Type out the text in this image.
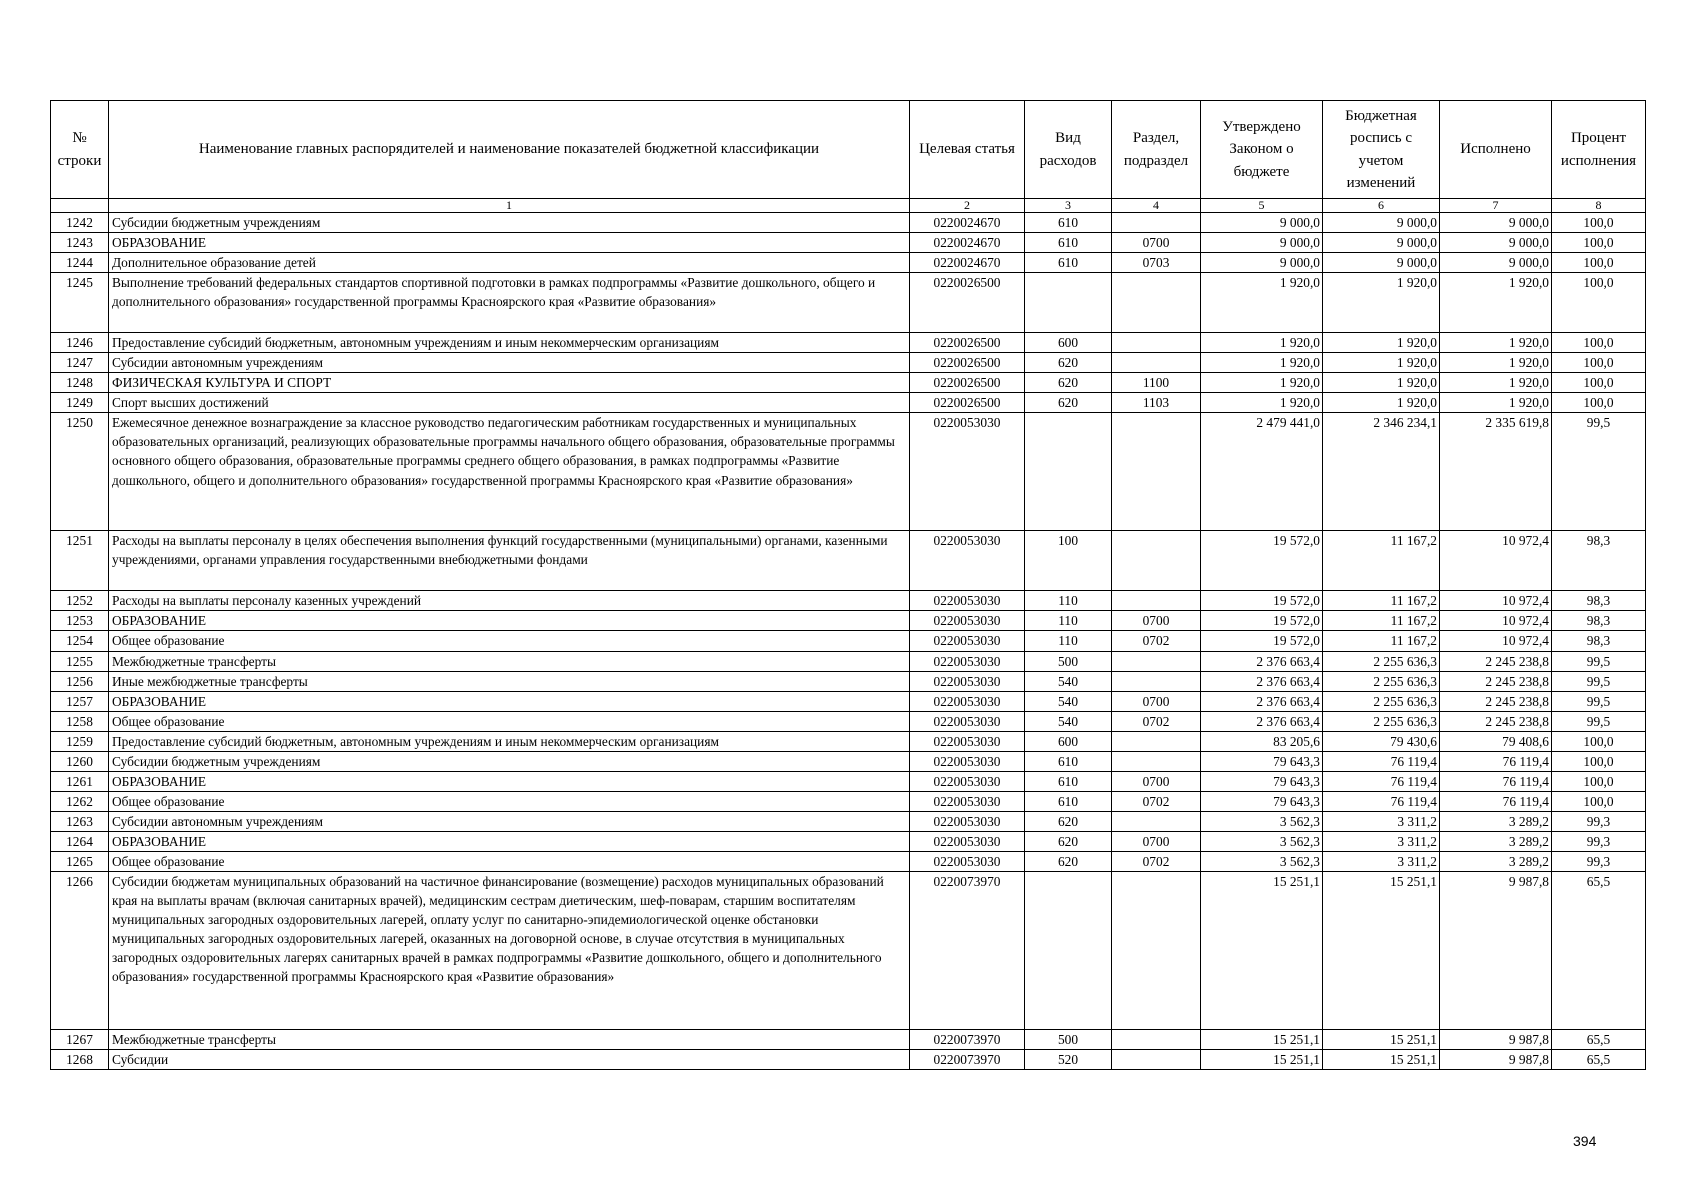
№ строки	Наименование главных распорядителей и наименование показателей бюджетной классификации	Целевая статья	Вид расходов	Раздел, подраздел	Утверждено Законом о бюджете	Бюджетная роспись с учетом изменений	Исполнено	Процент исполнения
	1	2	3	4	5	6	7	8
1242	Субсидии бюджетным учреждениям	0220024670	610		9 000,0	9 000,0	9 000,0	100,0
1243	ОБРАЗОВАНИЕ	0220024670	610	0700	9 000,0	9 000,0	9 000,0	100,0
1244	Дополнительное образование детей	0220024670	610	0703	9 000,0	9 000,0	9 000,0	100,0
1245	Выполнение требований федеральных стандартов спортивной подготовки в рамках подпрограммы «Развитие дошкольного, общего и дополнительного образования» государственной программы Красноярского края «Развитие образования»	0220026500			1 920,0	1 920,0	1 920,0	100,0
1246	Предоставление субсидий бюджетным, автономным учреждениям и иным некоммерческим организациям	0220026500	600		1 920,0	1 920,0	1 920,0	100,0
1247	Субсидии автономным учреждениям	0220026500	620		1 920,0	1 920,0	1 920,0	100,0
1248	ФИЗИЧЕСКАЯ КУЛЬТУРА И СПОРТ	0220026500	620	1100	1 920,0	1 920,0	1 920,0	100,0
1249	Спорт высших достижений	0220026500	620	1103	1 920,0	1 920,0	1 920,0	100,0
1250	Ежемесячное денежное вознаграждение за классное руководство педагогическим работникам государственных и муниципальных образовательных организаций, реализующих образовательные программы начального общего образования, образовательные программы основного общего образования, образовательные программы среднего общего образования, в рамках подпрограммы «Развитие дошкольного, общего и дополнительного образования» государственной программы Красноярского края «Развитие образования»	0220053030			2 479 441,0	2 346 234,1	2 335 619,8	99,5
1251	Расходы на выплаты персоналу в целях обеспечения выполнения функций государственными (муниципальными) органами, казенными учреждениями, органами управления государственными внебюджетными фондами	0220053030	100		19 572,0	11 167,2	10 972,4	98,3
1252	Расходы на выплаты персоналу казенных учреждений	0220053030	110		19 572,0	11 167,2	10 972,4	98,3
1253	ОБРАЗОВАНИЕ	0220053030	110	0700	19 572,0	11 167,2	10 972,4	98,3
1254	Общее образование	0220053030	110	0702	19 572,0	11 167,2	10 972,4	98,3
1255	Межбюджетные трансферты	0220053030	500		2 376 663,4	2 255 636,3	2 245 238,8	99,5
1256	Иные межбюджетные трансферты	0220053030	540		2 376 663,4	2 255 636,3	2 245 238,8	99,5
1257	ОБРАЗОВАНИЕ	0220053030	540	0700	2 376 663,4	2 255 636,3	2 245 238,8	99,5
1258	Общее образование	0220053030	540	0702	2 376 663,4	2 255 636,3	2 245 238,8	99,5
1259	Предоставление субсидий бюджетным, автономным учреждениям и иным некоммерческим организациям	0220053030	600		83 205,6	79 430,6	79 408,6	100,0
1260	Субсидии бюджетным учреждениям	0220053030	610		79 643,3	76 119,4	76 119,4	100,0
1261	ОБРАЗОВАНИЕ	0220053030	610	0700	79 643,3	76 119,4	76 119,4	100,0
1262	Общее образование	0220053030	610	0702	79 643,3	76 119,4	76 119,4	100,0
1263	Субсидии автономным учреждениям	0220053030	620		3 562,3	3 311,2	3 289,2	99,3
1264	ОБРАЗОВАНИЕ	0220053030	620	0700	3 562,3	3 311,2	3 289,2	99,3
1265	Общее образование	0220053030	620	0702	3 562,3	3 311,2	3 289,2	99,3
1266	Субсидии бюджетам муниципальных образований на частичное финансирование (возмещение) расходов муниципальных образований края на выплаты врачам (включая санитарных врачей), медицинским сестрам диетическим, шеф-поварам, старшим воспитателям муниципальных загородных оздоровительных лагерей, оплату услуг по санитарно-эпидемиологической оценке обстановки муниципальных загородных оздоровительных лагерей, оказанных на договорной основе, в случае отсутствия в муниципальных загородных оздоровительных лагерях санитарных врачей в рамках подпрограммы «Развитие дошкольного, общего и дополнительного образования» государственной программы Красноярского края «Развитие образования»	0220073970			15 251,1	15 251,1	9 987,8	65,5
1267	Межбюджетные трансферты	0220073970	500		15 251,1	15 251,1	9 987,8	65,5
1268	Субсидии	0220073970	520		15 251,1	15 251,1	9 987,8	65,5
394
